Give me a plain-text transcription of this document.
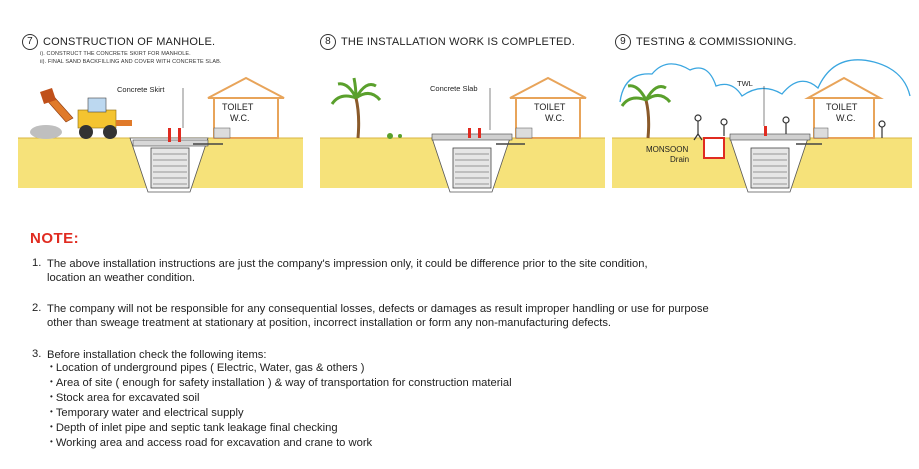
7 CONSTRUCTION OF MANHOLE.
i). CONSTRUCT THE CONCRETE SKIRT FOR MANHOLE.
ii). FINAL SAND BACKFILLING AND COVER WITH CONCRETE SLAB.
Concrete Skirt
TOILET
W.C.
8 THE INSTALLATION WORK IS COMPLETED.
Concrete Slab
TOILET
W.C.
9 TESTING & COMMISSIONING.
TWL
MONSOON
Drain
TOILET
W.C.
NOTE:
1. The above installation instructions are just the company's impression only, it could be difference prior to the site condition,
location an weather condition.
2. The company will not be responsible for any consequential losses, defects or damages as result improper handling or use for purpose
other than sweage treatment at stationary at position, incorrect installation or form any non-manufacturing defects.
3. Before installation check the following items:
• Location of underground pipes ( Electric, Water, gas & others )
• Area of site ( enough for safety installation ) & way of transportation for construction material
• Stock area for excavated soil
• Temporary water and electrical supply
• Depth of inlet pipe and septic tank leakage final checking
• Working area and access road for excavation and crane to work
